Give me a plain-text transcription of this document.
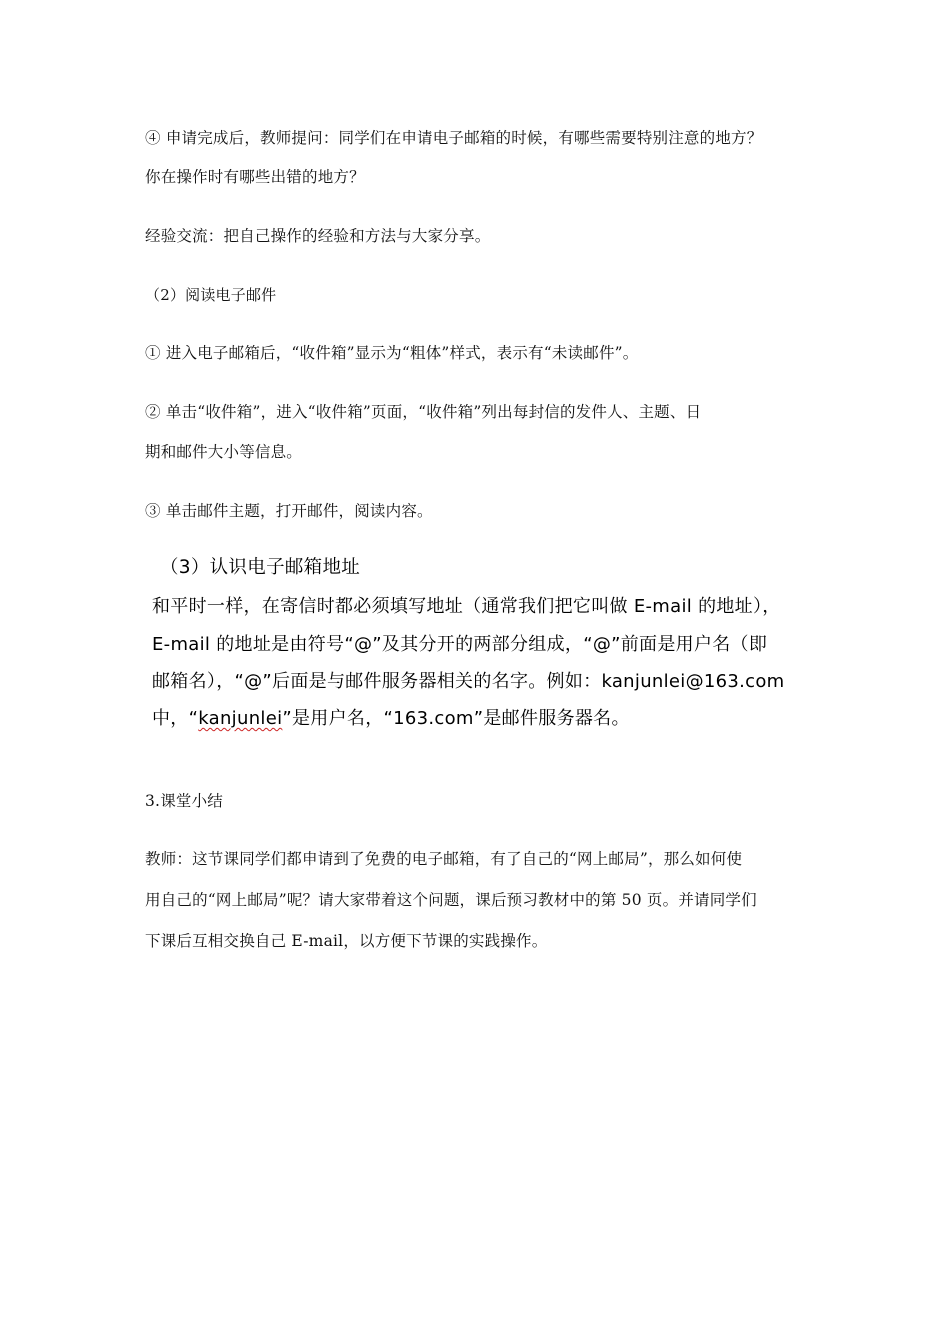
④ 申请完成后，教师提问：同学们在申请电子邮箱的时候，有哪些需要特别注意的地方？
你在操作时有哪些出错的地方？
经验交流：把自己操作的经验和方法与大家分享。
（2）阅读电子邮件
① 进入电子邮箱后，“收件箱”显示为“粗体”样式，表示有“未读邮件”。
② 单击“收件箱”，进入“收件箱”页面，“收件箱”列出每封信的发件人、主题、日
期和邮件大小等信息。
③ 单击邮件主题，打开邮件，阅读内容。
（3）认识电子邮箱地址
和平时一样，在寄信时都必须填写地址（通常我们把它叫做 E-mail 的地址），
E-mail 的地址是由符号“@”及其分开的两部分组成，“@”前面是用户名（即
邮箱名），“@”后面是与邮件服务器相关的名字。例如：kanjunlei@163.com
中，“kanjunlei”是用户名，“163.com”是邮件服务器名。
3.课堂小结
教师：这节课同学们都申请到了免费的电子邮箱，有了自己的“网上邮局”，那么如何使
用自己的“网上邮局”呢？请大家带着这个问题，课后预习教材中的第 50 页。并请同学们
下课后互相交换自己 E-mail，以方便下节课的实践操作。
